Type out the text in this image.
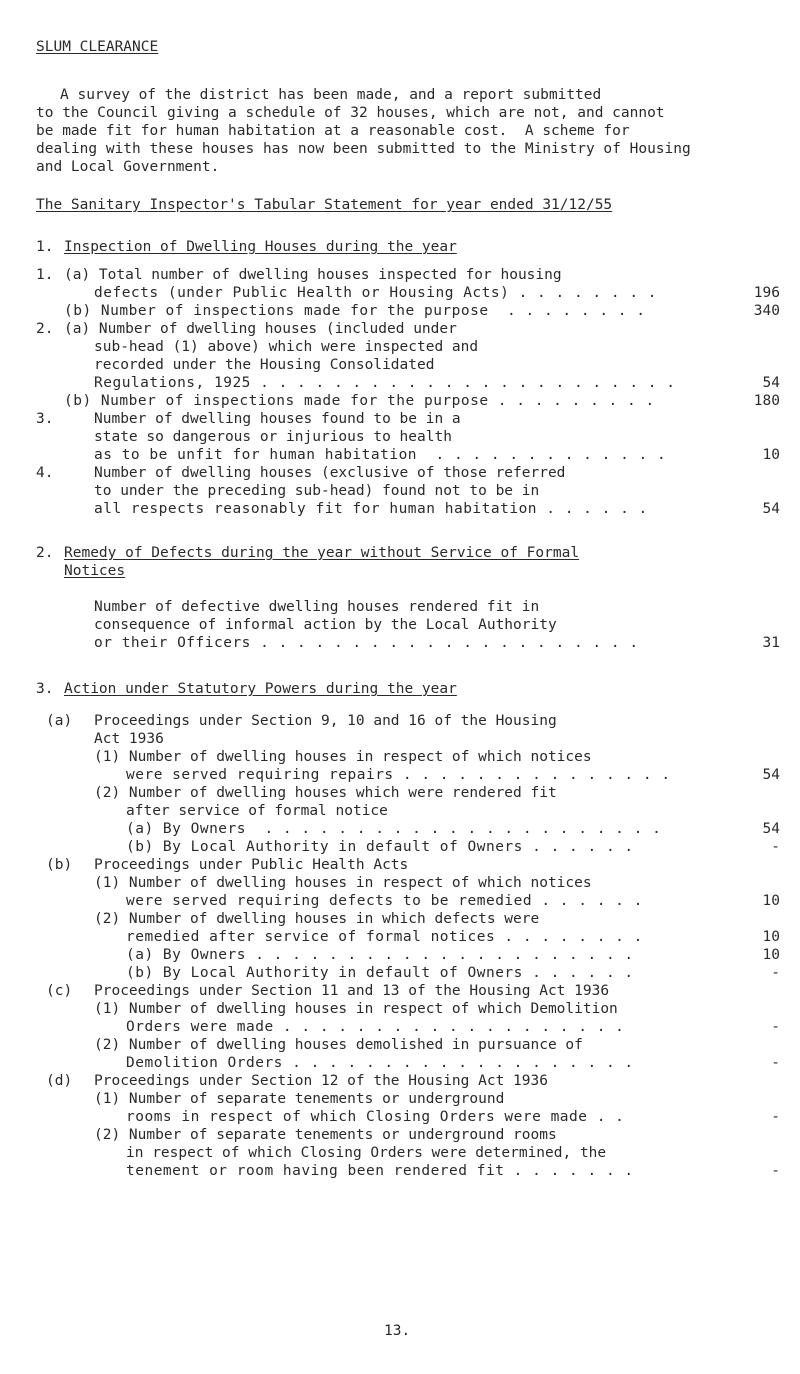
SLUM CLEARANCE
A survey of the district has been made, and a report submitted
to the Council giving a schedule of 32 houses, which are not, and cannot
be made fit for human habitation at a reasonable cost.  A scheme for
dealing with these houses has now been submitted to the Ministry of Housing
and Local Government.
The Sanitary Inspector's Tabular Statement for year ended 31/12/55
1. Inspection of Dwelling Houses during the year
1. (a) Total number of dwelling houses inspected for housing
defects (under Public Health or Housing Acts) . . . . . . . .	196
(b) Number of inspections made for the purpose  . . . . . . . .	340
2. (a) Number of dwelling houses (included under
sub-head (1) above) which were inspected and
recorded under the Housing Consolidated
Regulations, 1925 . . . . . . . . . . . . . . . . . . . . . . .	54
(b) Number of inspections made for the purpose . . . . . . . . .	180
3.	Number of dwelling houses found to be in a
state so dangerous or injurious to health
as to be unfit for human habitation  . . . . . . . . . . . . .	10
4.	Number of dwelling houses (exclusive of those referred
to under the preceding sub-head) found not to be in
all respects reasonably fit for human habitation . . . . . .	54
2. Remedy of Defects during the year without Service of Formal
Notices
Number of defective dwelling houses rendered fit in
consequence of informal action by the Local Authority
or their Officers . . . . . . . . . . . . . . . . . . . . .	31
3. Action under Statutory Powers during the year
(a) Proceedings under Section 9, 10 and 16 of the Housing
Act 1936
(1) Number of dwelling houses in respect of which notices
were served requiring repairs . . . . . . . . . . . . . . .	54
(2) Number of dwelling houses which were rendered fit
after service of formal notice
(a) By Owners  . . . . . . . . . . . . . . . . . . . . . .	54
(b) By Local Authority in default of Owners . . . . . .	-
(b) Proceedings under Public Health Acts
(1) Number of dwelling houses in respect of which notices
were served requiring defects to be remedied . . . . . .	10
(2) Number of dwelling houses in which defects were
remedied after service of formal notices . . . . . . . .	10
(a) By Owners . . . . . . . . . . . . . . . . . . . . .	10
(b) By Local Authority in default of Owners . . . . . .	-
(c) Proceedings under Section 11 and 13 of the Housing Act 1936
(1) Number of dwelling houses in respect of which Demolition
Orders were made . . . . . . . . . . . . . . . . . . .	-
(2) Number of dwelling houses demolished in pursuance of
Demolition Orders . . . . . . . . . . . . . . . . . . .	-
(d) Proceedings under Section 12 of the Housing Act 1936
(1) Number of separate tenements or underground
rooms in respect of which Closing Orders were made . .	-
(2) Number of separate tenements or underground rooms
in respect of which Closing Orders were determined, the
tenement or room having been rendered fit . . . . . . .	-
13.
